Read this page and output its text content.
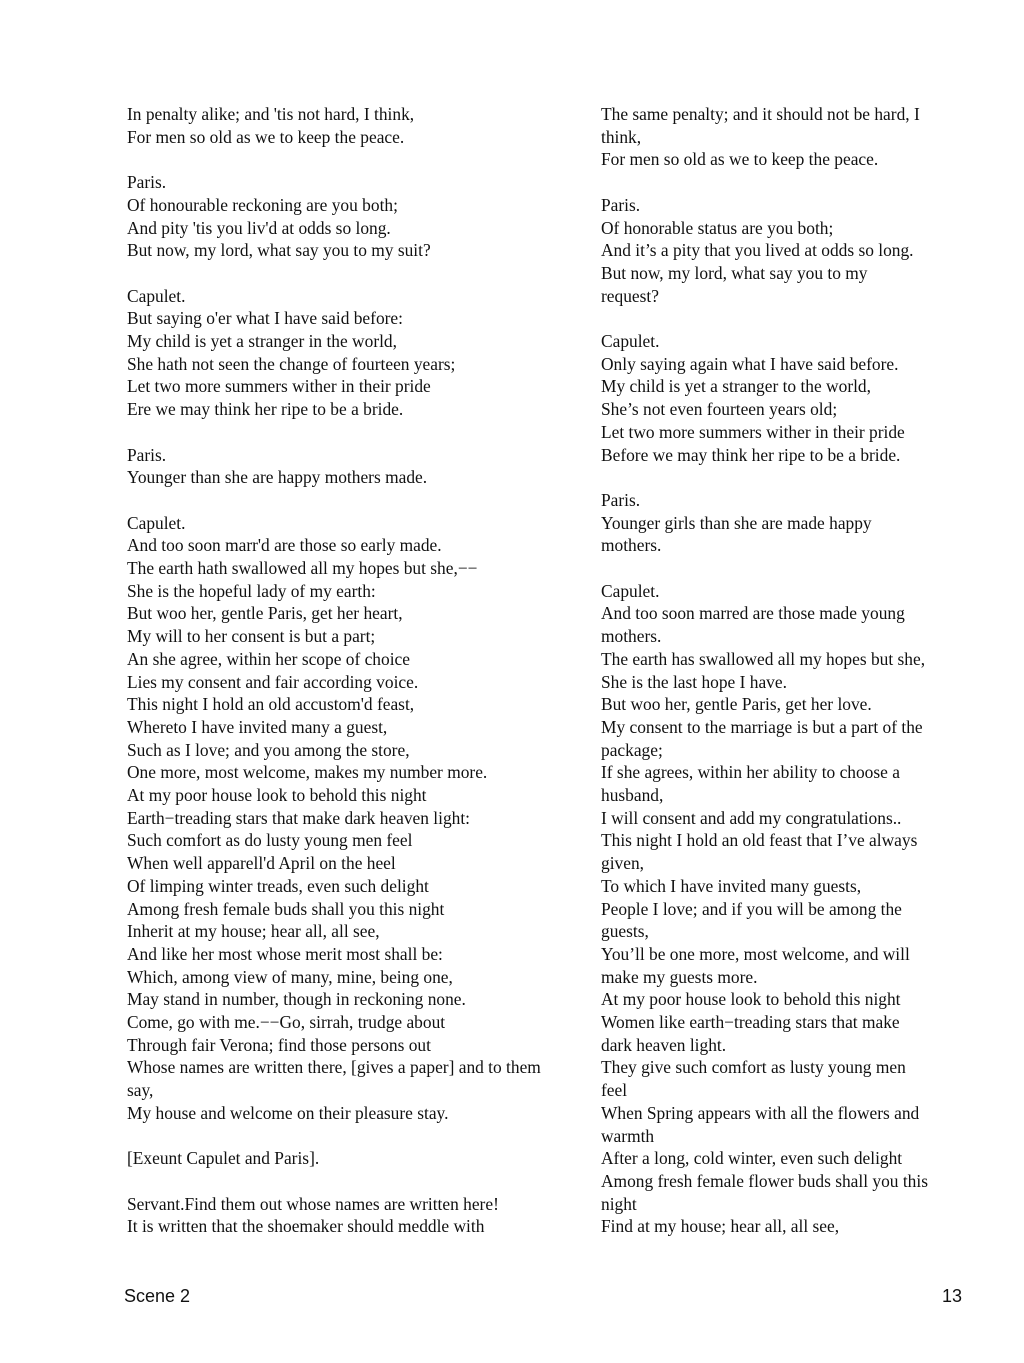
In penalty alike; and 'tis not hard, I think,
For men so old as we to keep the peace.
Paris.
Of honourable reckoning are you both;
And pity 'tis you liv'd at odds so long.
But now, my lord, what say you to my suit?
Capulet.
But saying o'er what I have said before:
My child is yet a stranger in the world,
She hath not seen the change of fourteen years;
Let two more summers wither in their pride
Ere we may think her ripe to be a bride.
Paris.
Younger than she are happy mothers made.
Capulet.
And too soon marr'd are those so early made.
The earth hath swallowed all my hopes but she,−−
She is the hopeful lady of my earth:
But woo her, gentle Paris, get her heart,
My will to her consent is but a part;
An she agree, within her scope of choice
Lies my consent and fair according voice.
This night I hold an old accustom'd feast,
Whereto I have invited many a guest,
Such as I love; and you among the store,
One more, most welcome, makes my number more.
At my poor house look to behold this night
Earth−treading stars that make dark heaven light:
Such comfort as do lusty young men feel
When well apparell'd April on the heel
Of limping winter treads, even such delight
Among fresh female buds shall you this night
Inherit at my house; hear all, all see,
And like her most whose merit most shall be:
Which, among view of many, mine, being one,
May stand in number, though in reckoning none.
Come, go with me.−−Go, sirrah, trudge about
Through fair Verona; find those persons out
Whose names are written there, [gives a paper] and to them
say,
My house and welcome on their pleasure stay.
[Exeunt Capulet and Paris].
Servant.Find them out whose names are written here!
It is written that the shoemaker should meddle with
The same penalty; and it should not be hard, I
think,
For men so old as we to keep the peace.
Paris.
Of honorable status are you both;
And it’s a pity that you lived at odds so long.
But now, my lord, what say you to my
request?
Capulet.
Only saying again what I have said before.
My child is yet a stranger to the world,
She’s not even fourteen years old;
Let two more summers wither in their pride
Before we may think her ripe to be a bride.
Paris.
Younger girls than she are made happy
mothers.
Capulet.
And too soon marred are those made young
mothers.
The earth has swallowed all my hopes but she,
She is the last hope I have.
But woo her, gentle Paris, get her love.
My consent to the marriage is but a part of the
package;
If she agrees, within her ability to choose a
husband,
I will consent and add my congratulations..
This night I hold an old feast that I’ve always
given,
To which I have invited many guests,
People I love; and if you will be among the
guests,
You’ll be one more, most welcome, and will
make my guests more.
At my poor house look to behold this night
Women like earth−treading stars that make
dark heaven light.
They give such comfort as lusty young men
feel
When Spring appears with all the flowers and
warmth
After a long, cold winter, even such delight
Among fresh female flower buds shall you this
night
Find at my house; hear all, all see,
Scene 2	13
